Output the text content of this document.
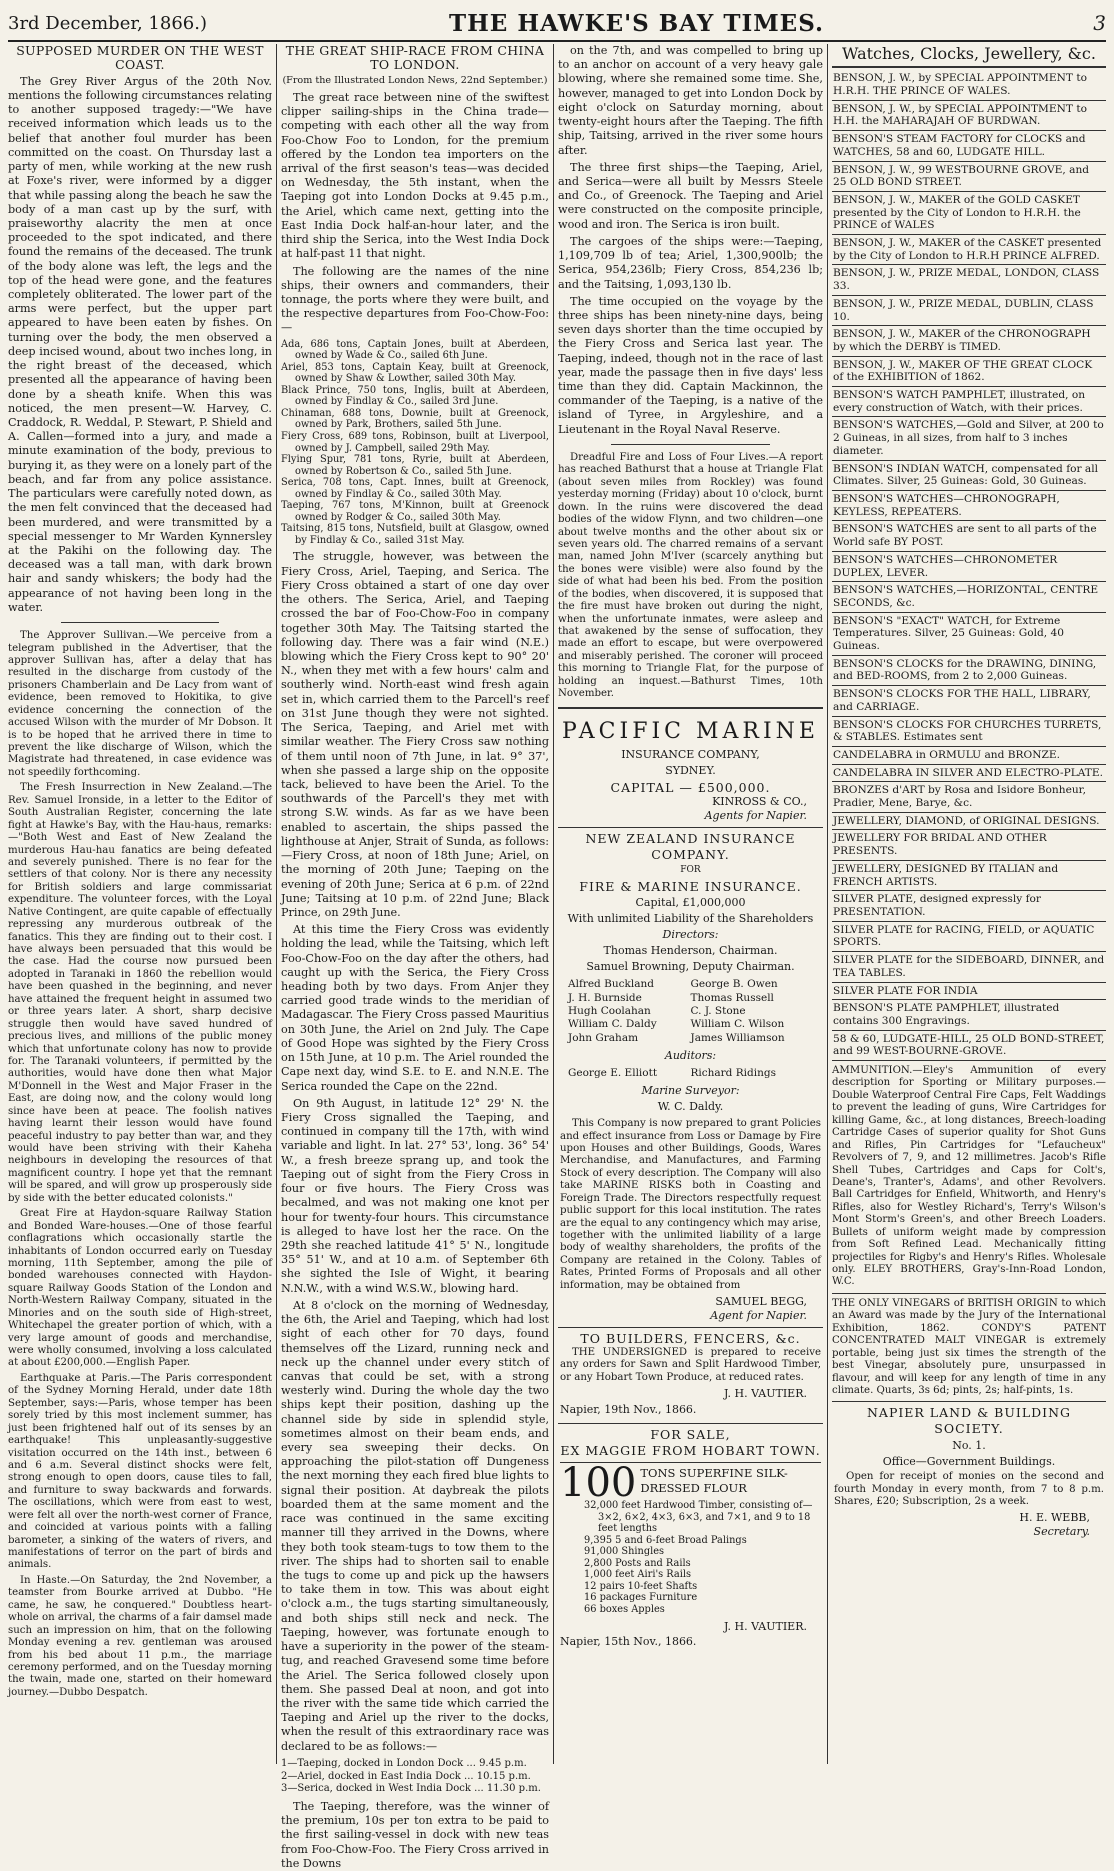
3rd December, 1866.)	THE HAWKE'S BAY TIMES.	3
SUPPOSED MURDER ON THE WEST COAST.

The Grey River Argus of the 20th Nov. mentions the following circumstances relating to another supposed tragedy:—"We have received information which leads us to the belief that another foul murder has been committed on the coast. On Thursday last a party of men, while working at the new rush at Foxe's river, were informed by a digger that while passing along the beach he saw the body of a man cast up by the surf, with praiseworthy alacrity the men at once proceeded to the spot indicated, and there found the remains of the deceased. The trunk of the body alone was left, the legs and the top of the head were gone, and the features completely obliterated. The lower part of the arms were perfect, but the upper part appeared to have been eaten by fishes. On turning over the body, the men observed a deep incised wound, about two inches long, in the right breast of the deceased, which presented all the appearance of having been done by a sheath knife. When this was noticed, the men present—W. Harvey, C. Craddock, R. Weddal, P. Stewart, P. Shield and A. Callen—formed into a jury, and made a minute examination of the body, previous to burying it, as they were on a lonely part of the beach, and far from any police assistance. The particulars were carefully noted down, as the men felt convinced that the deceased had been murdered, and were transmitted by a special messenger to Mr Warden Kynnersley at the Pakihi on the following day. The deceased was a tall man, with dark brown hair and sandy whiskers; the body had the appearance of not having been long in the water.

The Approver Sullivan.—We perceive from a telegram published in the Advertiser, that the approver Sullivan has, after a delay that has resulted in the discharge from custody of the prisoners Chamberlain and De Lacy from want of evidence, been removed to Hokitika, to give evidence concerning the connection of the accused Wilson with the murder of Mr Dobson. It is to be hoped that he arrived there in time to prevent the like discharge of Wilson, which the Magistrate had threatened, in case evidence was not speedily forthcoming.

The Fresh Insurrection in New Zealand.—The Rev. Samuel Ironside, in a letter to the Editor of South Australian Register, concerning the late fight at Hawke's Bay, with the Hau-haus, remarks:—"Both West and East of New Zealand the murderous Hau-hau fanatics are being defeated and severely punished. There is no fear for the settlers of that colony. Nor is there any necessity for British soldiers and large commissariat expenditure. The volunteer forces, with the Loyal Native Contingent, are quite capable of effectually repressing any murderous outbreak of the fanatics. This they are finding out to their cost. I have always been persuaded that this would be the case. Had the course now pursued been adopted in Taranaki in 1860 the rebellion would have been quashed in the beginning, and never have attained the frequent height in assumed two or three years later. A short, sharp decisive struggle then would have saved hundred of precious lives, and millions of the public money which that unfortunate colony has now to provide for. The Taranaki volunteers, if permitted by the authorities, would have done then what Major M'Donnell in the West and Major Fraser in the East, are doing now, and the colony would long since have been at peace. The foolish natives having learnt their lesson would have found peaceful industry to pay better than war, and they would have been striving with their Kaheha neighbours in developing the resources of that magnificent country. I hope yet that the remnant will be spared, and will grow up prosperously side by side with the better educated colonists."

Great Fire at Haydon-square Railway Station and Bonded Ware-houses.—One of those fearful conflagrations which occasionally startle the inhabitants of London occurred early on Tuesday morning, 11th September, among the pile of bonded warehouses connected with Haydon-square Railway Goods Station of the London and North-Western Railway Company, situated in the Minories and on the south side of High-street, Whitechapel the greater portion of which, with a very large amount of goods and merchandise, were wholly consumed, involving a loss calculated at about £200,000.—English Paper.

Earthquake at Paris.—The Paris correspondent of the Sydney Morning Herald, under date 18th September, says:—Paris, whose temper has been sorely tried by this most inclement summer, has just been frightened half out of its senses by an earthquake! This unpleasantly-suggestive visitation occurred on the 14th inst., between 6 and 6 a.m. Several distinct shocks were felt, strong enough to open doors, cause tiles to fall, and furniture to sway backwards and forwards. The oscillations, which were from east to west, were felt all over the north-west corner of France, and coincided at various points with a falling barometer, a sinking of the waters of rivers, and manifestations of terror on the part of birds and animals.

In Haste.—On Saturday, the 2nd November, a teamster from Bourke arrived at Dubbo. "He came, he saw, he conquered." Doubtless heart-whole on arrival, the charms of a fair damsel made such an impression on him, that on the following Monday evening a rev. gentleman was aroused from his bed about 11 p.m., the marriage ceremony performed, and on the Tuesday morning the twain, made one, started on their homeward journey.—Dubbo Despatch.

THE GREAT SHIP-RACE FROM CHINA TO LONDON.
(From the Illustrated London News, 22nd September.)

The great race between nine of the swiftest clipper sailing-ships in the China trade—competing with each other all the way from Foo-Chow Foo to London, for the premium offered by the London tea importers on the arrival of the first season's teas—was decided on Wednesday, the 5th instant, when the Taeping got into London Docks at 9.45 p.m., the Ariel, which came next, getting into the East India Dock half-an-hour later, and the third ship the Serica, into the West India Dock at half-past 11 that night.

The following are the names of the nine ships, their owners and commanders, their tonnage, the ports where they were built, and the respective departures from Foo-Chow-Foo:—

Ada, 686 tons, Captain Jones, built at Aberdeen, owned by Wade & Co., sailed 6th June.
Ariel, 853 tons, Captain Keay, built at Greenock, owned by Shaw & Lowther, sailed 30th May.
Black Prince, 750 tons, Inglis, built at Aberdeen, owned by Findlay & Co., sailed 3rd June.
Chinaman, 688 tons, Downie, built at Greenock, owned by Park, Brothers, sailed 5th June.
Fiery Cross, 689 tons, Robinson, built at Liverpool, owned by J. Campbell, sailed 29th May.
Flying Spur, 781 tons, Ryrie, built at Aberdeen, owned by Robertson & Co., sailed 5th June.
Serica, 708 tons, Capt. Innes, built at Greenock, owned by Findlay & Co., sailed 30th May.
Taeping, 767 tons, M'Kinnon, built at Greenock owned by Rodger & Co., sailed 30th May.
Taitsing, 815 tons, Nutsfield, built at Glasgow, owned by Findlay & Co., sailed 31st May.

The struggle, however, was between the Fiery Cross, Ariel, Taeping, and Serica. The Fiery Cross obtained a start of one day over the others. The Serica, Ariel, and Taeping crossed the bar of Foo-Chow-Foo in company together 30th May. The Taitsing started the following day. There was a fair wind (N.E.) blowing which the Fiery Cross kept to 90° 20' N., when they met with a few hours' calm and southerly wind. North-east wind fresh again set in, which carried them to the Parcell's reef on 31st June though they were not sighted. The Serica, Taeping, and Ariel met with similar weather. The Fiery Cross saw nothing of them until noon of 7th June, in lat. 9° 37', when she passed a large ship on the opposite tack, believed to have been the Ariel. To the southwards of the Parcell's they met with strong S.W. winds. As far as we have been enabled to ascertain, the ships passed the lighthouse at Anjer, Strait of Sunda, as follows:—Fiery Cross, at noon of 18th June; Ariel, on the morning of 20th June; Taeping on the evening of 20th June; Serica at 6 p.m. of 22nd June; Taitsing at 10 p.m. of 22nd June; Black Prince, on 29th June.

At this time the Fiery Cross was evidently holding the lead, while the Taitsing, which left Foo-Chow-Foo on the day after the others, had caught up with the Serica, the Fiery Cross heading both by two days. From Anjer they carried good trade winds to the meridian of Madagascar. The Fiery Cross passed Mauritius on 30th June, the Ariel on 2nd July. The Cape of Good Hope was sighted by the Fiery Cross on 15th June, at 10 p.m. The Ariel rounded the Cape next day, wind S.E. to E. and N.N.E. The Serica rounded the Cape on the 22nd.

On 9th August, in latitude 12° 29' N. the Fiery Cross signalled the Taeping, and continued in company till the 17th, with wind variable and light. In lat. 27° 53', long. 36° 54' W., a fresh breeze sprang up, and took the Taeping out of sight from the Fiery Cross in four or five hours. The Fiery Cross was becalmed, and was not making one knot per hour for twenty-four hours. This circumstance is alleged to have lost her the race. On the 29th she reached latitude 41° 5' N., longitude 35° 51' W., and at 10 a.m. of September 6th she sighted the Isle of Wight, it bearing N.N.W., with a wind W.S.W., blowing hard.

At 8 o'clock on the morning of Wednesday, the 6th, the Ariel and Taeping, which had lost sight of each other for 70 days, found themselves off the Lizard, running neck and neck up the channel under every stitch of canvas that could be set, with a strong westerly wind. During the whole day the two ships kept their position, dashing up the channel side by side in splendid style, sometimes almost on their beam ends, and every sea sweeping their decks. On approaching the pilot-station off Dungeness the next morning they each fired blue lights to signal their position. At daybreak the pilots boarded them at the same moment and the race was continued in the same exciting manner till they arrived in the Downs, where they both took steam-tugs to tow them to the river. The ships had to shorten sail to enable the tugs to come up and pick up the hawsers to take them in tow. This was about eight o'clock a.m., the tugs starting simultaneously, and both ships still neck and neck. The Taeping, however, was fortunate enough to have a superiority in the power of the steam-tug, and reached Gravesend some time before the Ariel. The Serica followed closely upon them. She passed Deal at noon, and got into the river with the same tide which carried the Taeping and Ariel up the river to the docks, when the result of this extraordinary race was declared to be as follows:—

1—Taeping, docked in London Dock ... 9.45 p.m.
2—Ariel, docked in East India Dock ... 10.15 p.m.
3—Serica, docked in West India Dock ... 11.30 p.m.

The Taeping, therefore, was the winner of the premium, 10s per ton extra to be paid to the first sailing-vessel in dock with new teas from Foo-Chow-Foo. The Fiery Cross arrived in the Downs

on the 7th, and was compelled to bring up to an anchor on account of a very heavy gale blowing, where she remained some time. She, however, managed to get into London Dock by eight o'clock on Saturday morning, about twenty-eight hours after the Taeping. The fifth ship, Taitsing, arrived in the river some hours after.

The three first ships—the Taeping, Ariel, and Serica—were all built by Messrs Steele and Co., of Greenock. The Taeping and Ariel were constructed on the composite principle, wood and iron. The Serica is iron built.

The cargoes of the ships were:—Taeping, 1,109,709 lb of tea; Ariel, 1,300,900lb; the Serica, 954,236lb; Fiery Cross, 854,236 lb; and the Taitsing, 1,093,130 lb.

The time occupied on the voyage by the three ships has been ninety-nine days, being seven days shorter than the time occupied by the Fiery Cross and Serica last year. The Taeping, indeed, though not in the race of last year, made the passage then in five days' less time than they did. Captain Mackinnon, the commander of the Taeping, is a native of the island of Tyree, in Argyleshire, and a Lieutenant in the Royal Naval Reserve.

Dreadful Fire and Loss of Four Lives.—A report has reached Bathurst that a house at Triangle Flat (about seven miles from Rockley) was found yesterday morning (Friday) about 10 o'clock, burnt down. In the ruins were discovered the dead bodies of the widow Flynn, and two children—one about twelve months and the other about six or seven years old. The charred remains of a servant man, named John M'Iver (scarcely anything but the bones were visible) were also found by the side of what had been his bed. From the position of the bodies, when discovered, it is supposed that the fire must have broken out during the night, when the unfortunate inmates, were asleep and that awakened by the sense of suffocation, they made an effort to escape, but were overpowered and miserably perished. The coroner will proceed this morning to Triangle Flat, for the purpose of holding an inquest.—Bathurst Times, 10th November.

PACIFIC MARINE
INSURANCE COMPANY,
SYDNEY.
CAPITAL — £500,000.
KINROSS & CO.,
Agents for Napier.
NEW ZEALAND INSURANCE COMPANY.
FOR
FIRE & MARINE INSURANCE.
Capital, £1,000,000
With unlimited Liability of the Shareholders
Directors:
Thomas Henderson, Chairman.
Samuel Browning, Deputy Chairman.
Alfred Buckland	George B. Owen
J. H. Burnside	Thomas Russell
Hugh Coolahan	C. J. Stone
William C. Daldy	William C. Wilson
John Graham	James Williamson
Auditors:
George E. Elliott	Richard Ridings
Marine Surveyor:
W. C. Daldy.

This Company is now prepared to grant Policies and effect insurance from Loss or Damage by Fire upon Houses and other Buildings, Goods, Wares Merchandise, and Manufactures, and Farming Stock of every description. The Company will also take MARINE RISKS both in Coasting and Foreign Trade. The Directors respectfully request public support for this local institution. The rates are the equal to any contingency which may arise, together with the unlimited liability of a large body of wealthy shareholders, the profits of the Company are retained in the Colony. Tables of Rates, Printed Forms of Proposals and all other information, may be obtained from

SAMUEL BEGG,
Agent for Napier.
TO BUILDERS, FENCERS, &c.

THE UNDERSIGNED is prepared to receive any orders for Sawn and Split Hardwood Timber, or any Hobart Town Produce, at reduced rates.

J. H. VAUTIER.
Napier, 19th Nov., 1866.
FOR SALE,
EX MAGGIE FROM HOBART TOWN.
100 TONS SUPERFINE SILK-DRESSED FLOUR
32,000 feet Hardwood Timber, consisting of—3×2, 6×2, 4×3, 6×3, and 7×1, and 9 to 18 feet lengths
9,395 5 and 6-feet Broad Palings
91,000 Shingles
2,800 Posts and Rails
1,000 feet Airi's Rails
12 pairs 10-feet Shafts
16 packages Furniture
66 boxes Apples
J. H. VAUTIER.
Napier, 15th Nov., 1866.
Watches, Clocks, Jewellery, &c.
BENSON, J. W., by SPECIAL APPOINTMENT to H.R.H. THE PRINCE OF WALES.
BENSON, J. W., by SPECIAL APPOINTMENT to H.H. the MAHARAJAH OF BURDWAN.
BENSON'S STEAM FACTORY for CLOCKS and WATCHES, 58 and 60, LUDGATE HILL.
BENSON, J. W., 99 WESTBOURNE GROVE, and 25 OLD BOND STREET.
BENSON, J. W., MAKER of the GOLD CASKET presented by the City of London to H.R.H. the PRINCE of WALES
BENSON, J. W., MAKER of the CASKET presented by the City of London to H.R.H PRINCE ALFRED.
BENSON, J. W., PRIZE MEDAL, LONDON, CLASS 33.
BENSON, J. W., PRIZE MEDAL, DUBLIN, CLASS 10.
BENSON, J. W., MAKER of the CHRONOGRAPH by which the DERBY is TIMED.
BENSON, J. W., MAKER OF THE GREAT CLOCK of the EXHIBITION of 1862.
BENSON'S WATCH PAMPHLET, illustrated, on every construction of Watch, with their prices.
BENSON'S WATCHES,—Gold and Silver, at 200 to 2 Guineas, in all sizes, from half to 3 inches diameter.
BENSON'S INDIAN WATCH, compensated for all Climates. Silver, 25 Guineas: Gold, 30 Guineas.
BENSON'S WATCHES—CHRONOGRAPH, KEYLESS, REPEATERS.
BENSON'S WATCHES are sent to all parts of the World safe BY POST.
BENSON'S WATCHES—CHRONOMETER DUPLEX, LEVER.
BENSON'S WATCHES,—HORIZONTAL, CENTRE SECONDS, &c.
BENSON'S "EXACT" WATCH, for Extreme Temperatures. Silver, 25 Guineas: Gold, 40 Guineas.
BENSON'S CLOCKS for the DRAWING, DINING, and BED-ROOMS, from 2 to 2,000 Guineas.
BENSON'S CLOCKS FOR THE HALL, LIBRARY, and CARRIAGE.
BENSON'S CLOCKS FOR CHURCHES TURRETS, & STABLES. Estimates sent
CANDELABRA in ORMULU and BRONZE.
CANDELABRA IN SILVER AND ELECTRO-PLATE.
BRONZES d'ART by Rosa and Isidore Bonheur, Pradier, Mene, Barye, &c.
JEWELLERY, DIAMOND, of ORIGINAL DESIGNS.
JEWELLERY FOR BRIDAL AND OTHER PRESENTS.
JEWELLERY, DESIGNED BY ITALIAN and FRENCH ARTISTS.
SILVER PLATE, designed expressly for PRESENTATION.
SILVER PLATE for RACING, FIELD, or AQUATIC SPORTS.
SILVER PLATE for the SIDEBOARD, DINNER, and TEA TABLES.
SILVER PLATE FOR INDIA
BENSON'S PLATE PAMPHLET, illustrated contains 300 Engravings.
58 & 60, LUDGATE-HILL, 25 OLD BOND-STREET, and 99 WEST-BOURNE-GROVE.
AMMUNITION.—Eley's Ammunition of every description for Sporting or Military purposes.—Double Waterproof Central Fire Caps, Felt Waddings to prevent the leading of guns, Wire Cartridges for killing Game, &c., at long distances, Breech-loading Cartridge Cases of superior quality for Shot Guns and Rifles, Pin Cartridges for "Lefaucheux" Revolvers of 7, 9, and 12 millimetres. Jacob's Rifle Shell Tubes, Cartridges and Caps for Colt's, Deane's, Tranter's, Adams', and other Revolvers. Ball Cartridges for Enfield, Whitworth, and Henry's Rifles, also for Westley Richard's, Terry's Wilson's Mont Storm's Green's, and other Breech Loaders. Bullets of uniform weight made by compression from Soft Refined Lead. Mechanically fitting projectiles for Rigby's and Henry's Rifles. Wholesale only. ELEY BROTHERS, Gray's-Inn-Road London, W.C.
THE ONLY VINEGARS of BRITISH ORIGIN to which an Award was made by the Jury of the International Exhibition, 1862. CONDY'S PATENT CONCENTRATED MALT VINEGAR is extremely portable, being just six times the strength of the best Vinegar, absolutely pure, unsurpassed in flavour, and will keep for any length of time in any climate. Quarts, 3s 6d; pints, 2s; half-pints, 1s.
NAPIER LAND & BUILDING SOCIETY.
No. 1.
Office—Government Buildings.

Open for receipt of monies on the second and fourth Monday in every month, from 7 to 8 p.m. Shares, £20; Subscription, 2s a week.

H. E. WEBB,
Secretary.
